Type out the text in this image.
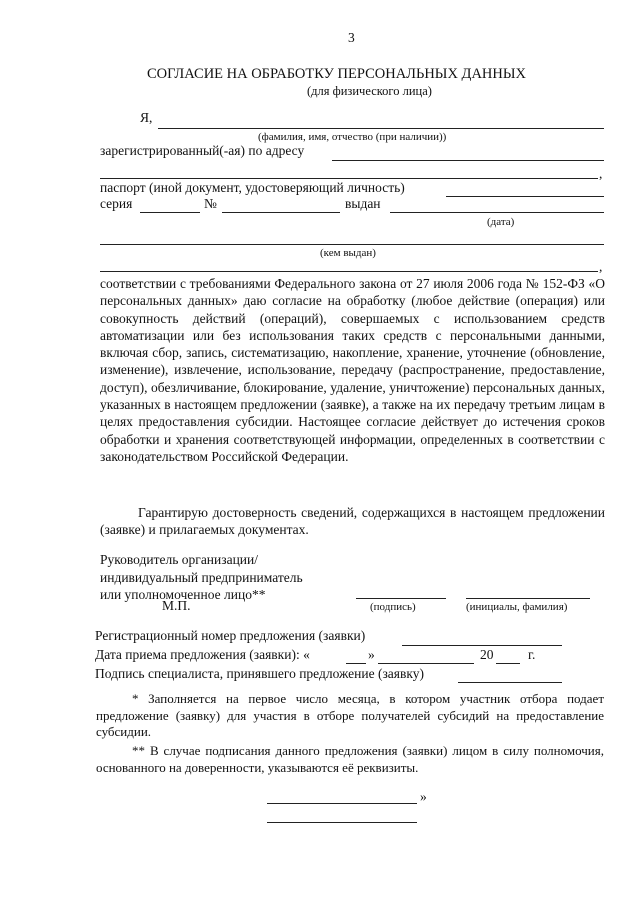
3
СОГЛАСИЕ НА ОБРАБОТКУ ПЕРСОНАЛЬНЫХ ДАННЫХ
(для физического лица)
Я,
(фамилия, имя, отчество (при наличии))
зарегистрированный(-ая) по адресу
,
паспорт (иной документ, удостоверяющий личность)
серия	№	выдан
(дата)
(кем выдан)
,
соответствии с требованиями Федерального закона от 27 июля 2006 года № 152-ФЗ «О персональных данных» даю согласие на обработку (любое действие (операция) или совокупность действий (операций), совершаемых с использованием средств автоматизации или без использования таких средств с персональными данными, включая сбор, запись, систематизацию, накопление, хранение, уточнение (обновление, изменение), извлечение, использование, передачу (распространение, предоставление, доступ), обезличивание, блокирование, удаление, уничтожение) персональных данных, указанных в настоящем предложении (заявке), а также на их передачу третьим лицам в целях предоставления субсидии. Настоящее согласие действует до истечения сроков обработки и хранения соответствующей информации, определенных в соответствии с законодательством Российской Федерации.
Гарантирую достоверность сведений, содержащихся в настоящем предложении (заявке) и прилагаемых документах.
Руководитель организации/
индивидуальный предприниматель
или уполномоченное лицо**
М.П.	(подпись)	(инициалы, фамилия)
Регистрационный номер предложения (заявки)
Дата приема предложения (заявки): «	»	20	г.
Подпись специалиста, принявшего предложение (заявку)
* Заполняется на первое число месяца, в котором участник отбора подает предложение (заявку) для участия в отборе получателей субсидий на предоставление субсидии.
** В случае подписания данного предложения (заявки) лицом в силу полномочия, основанного на доверенности, указываются её реквизиты.
»
